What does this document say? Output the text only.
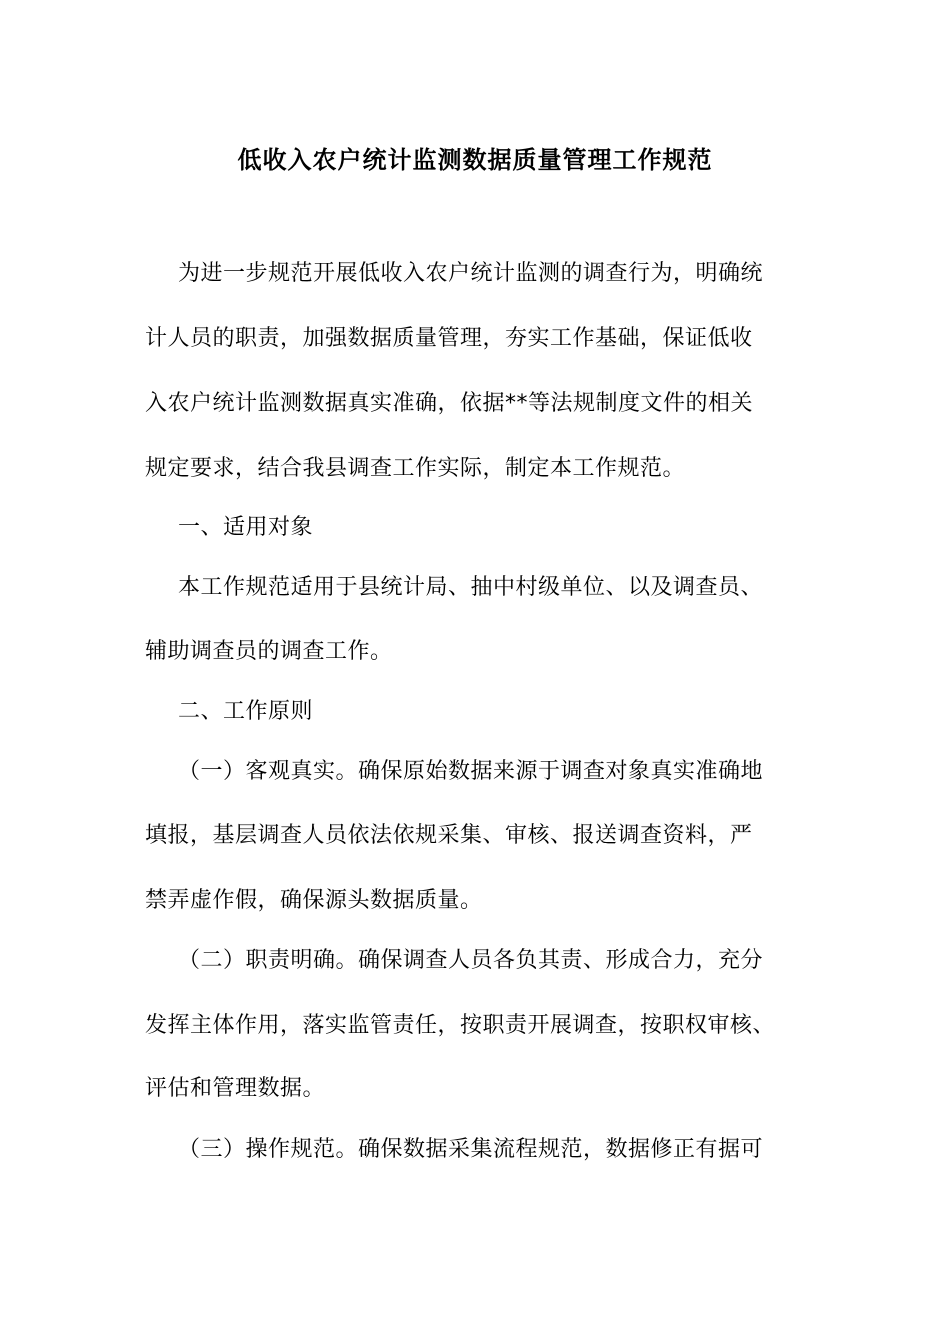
低收入农户统计监测数据质量管理工作规范
为进一步规范开展低收入农户统计监测的调查行为，明确统
计人员的职责，加强数据质量管理，夯实工作基础，保证低收
入农户统计监测数据真实准确，依据**等法规制度文件的相关
规定要求，结合我县调查工作实际，制定本工作规范。
一、适用对象
本工作规范适用于县统计局、抽中村级单位、以及调查员、
辅助调查员的调查工作。
二、工作原则
（一）客观真实。确保原始数据来源于调查对象真实准确地
填报，基层调查人员依法依规采集、审核、报送调查资料，严
禁弄虚作假，确保源头数据质量。
（二）职责明确。确保调查人员各负其责、形成合力，充分
发挥主体作用，落实监管责任，按职责开展调查，按职权审核、
评估和管理数据。
（三）操作规范。确保数据采集流程规范，数据修正有据可
